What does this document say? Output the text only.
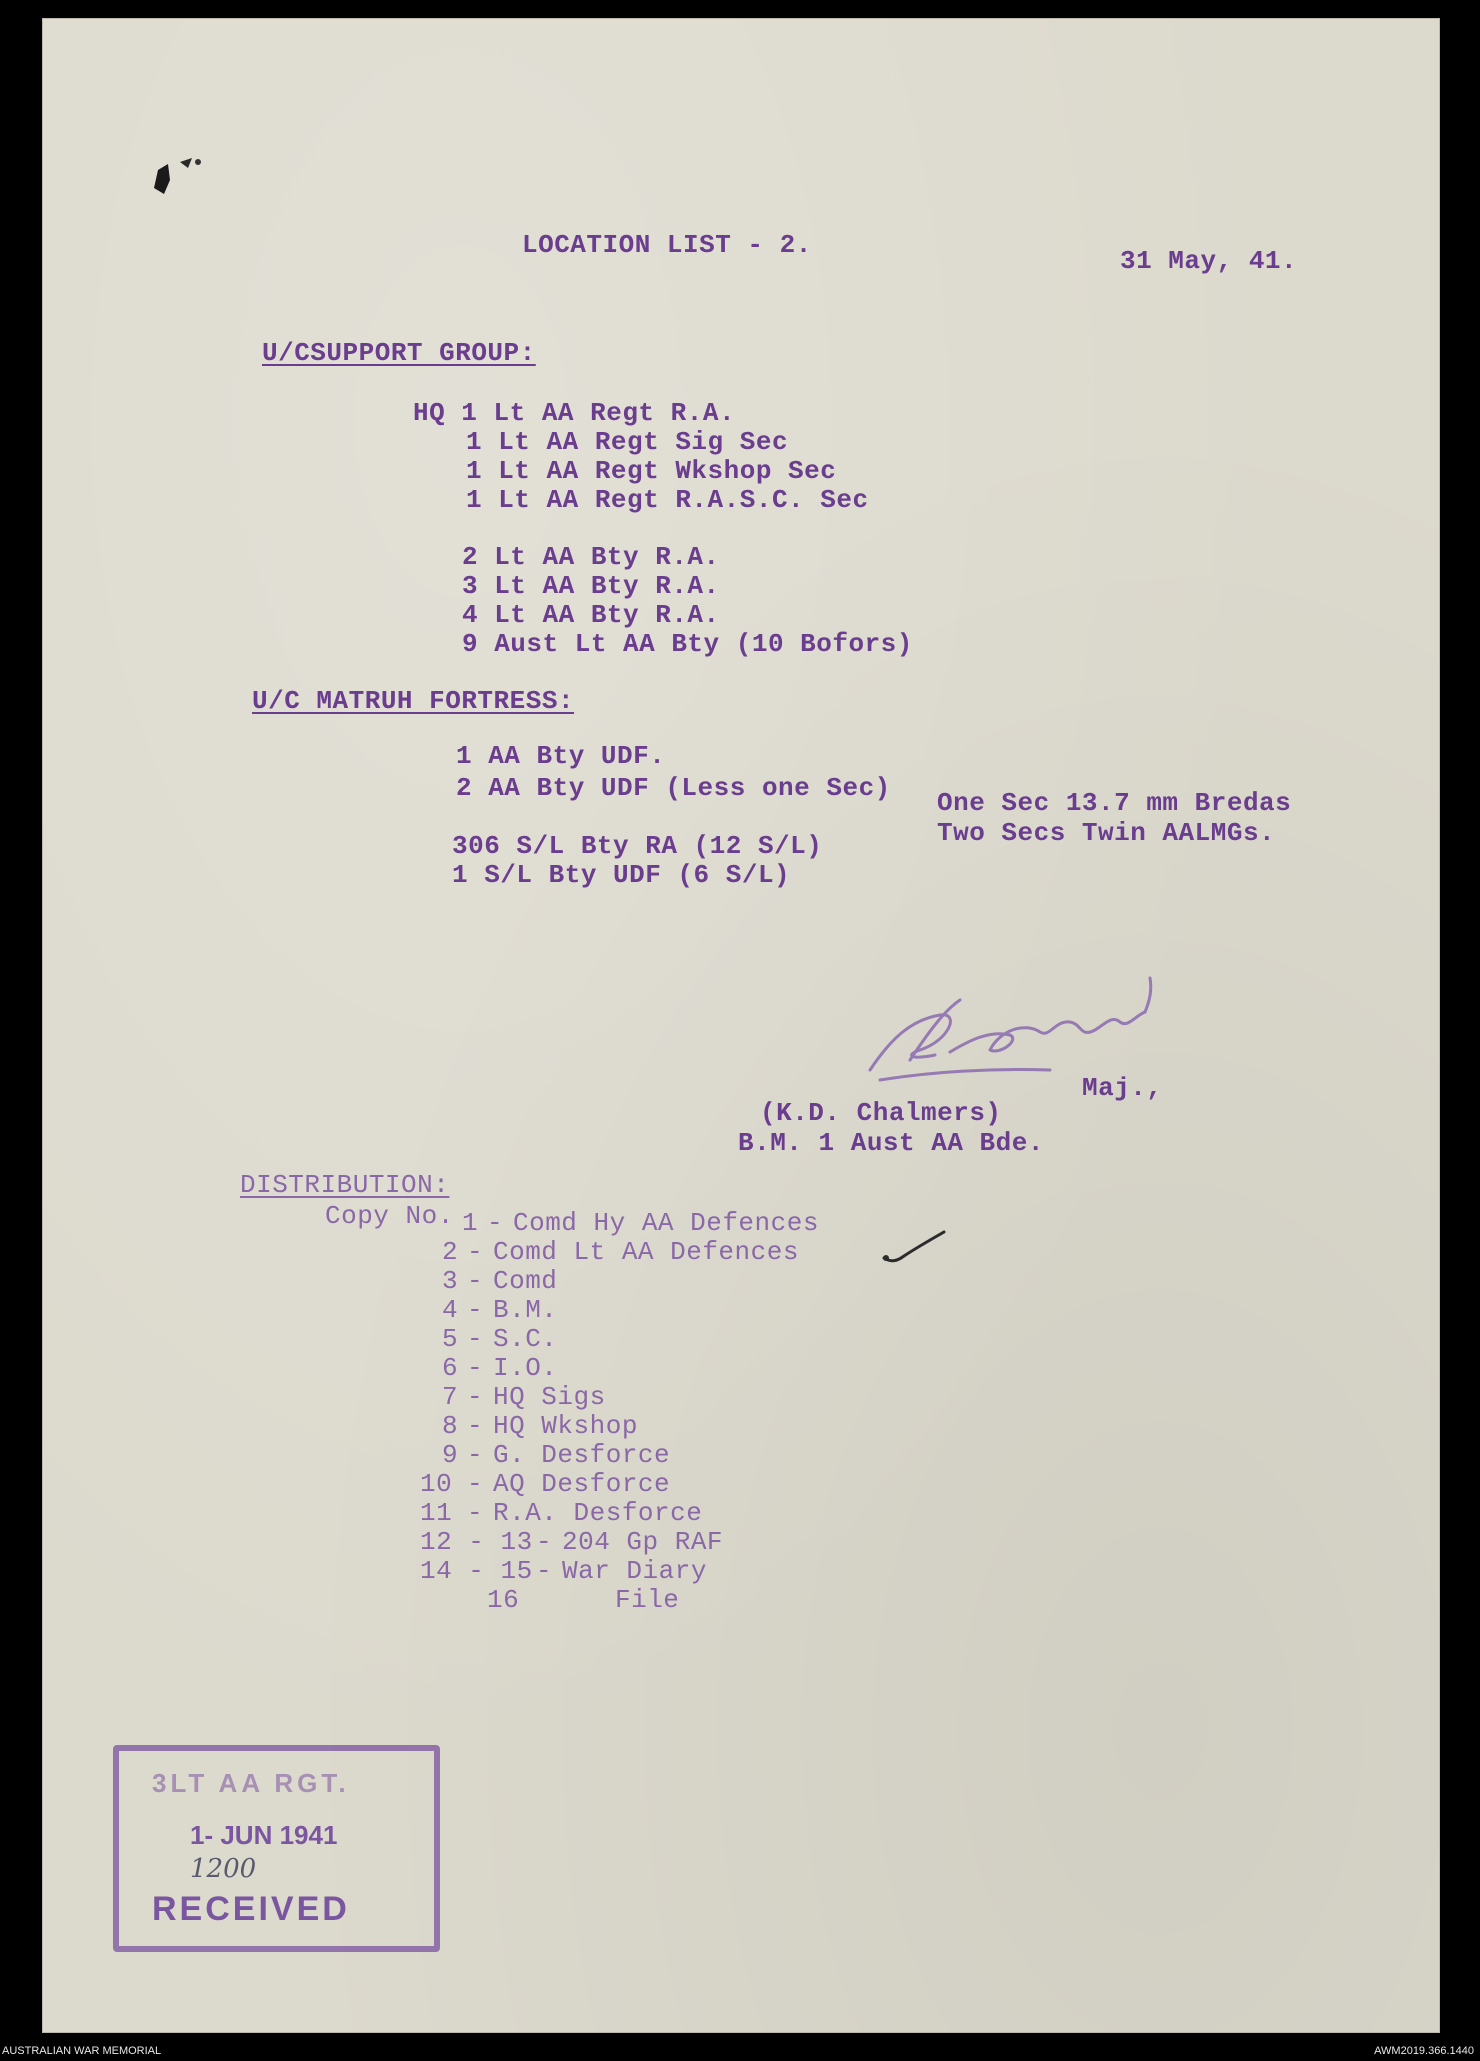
LOCATION LIST - 2.
31 May, 41.
U/CSUPPORT GROUP:
HQ 1 Lt AA Regt R.A.
1 Lt AA Regt Sig Sec
1 Lt AA Regt Wkshop Sec
1 Lt AA Regt R.A.S.C. Sec
2 Lt AA Bty R.A.
3 Lt AA Bty R.A.
4 Lt AA Bty R.A.
9 Aust Lt AA Bty (10 Bofors)
U/C MATRUH FORTRESS:
1 AA Bty UDF.
2 AA Bty UDF (Less one Sec) One Sec 13.7 mm Bredas
Two Secs Twin AALMGs.
306 S/L Bty RA (12 S/L)
1 S/L Bty UDF (6 S/L)
Maj.,
(K.D. Chalmers)
B.M. 1 Aust AA Bde.
DISTRIBUTION:
Copy No. 1 - Comd Hy AA Defences
2 - Comd Lt AA Defences
3 - Comd
4 - B.M.
5 - S.C.
6 - I.O.
7 - HQ Sigs
8 - HQ Wkshop
9 - G. Desforce
10 - AQ Desforce
11 - R.A. Desforce
12 - 13 - 204 Gp RAF
14 - 15 - War Diary
16	File
3LT AA RGT.
1- JUN 1941
1200
RECEIVED
AUSTRALIAN WAR MEMORIAL	AWM2019.366.1440
